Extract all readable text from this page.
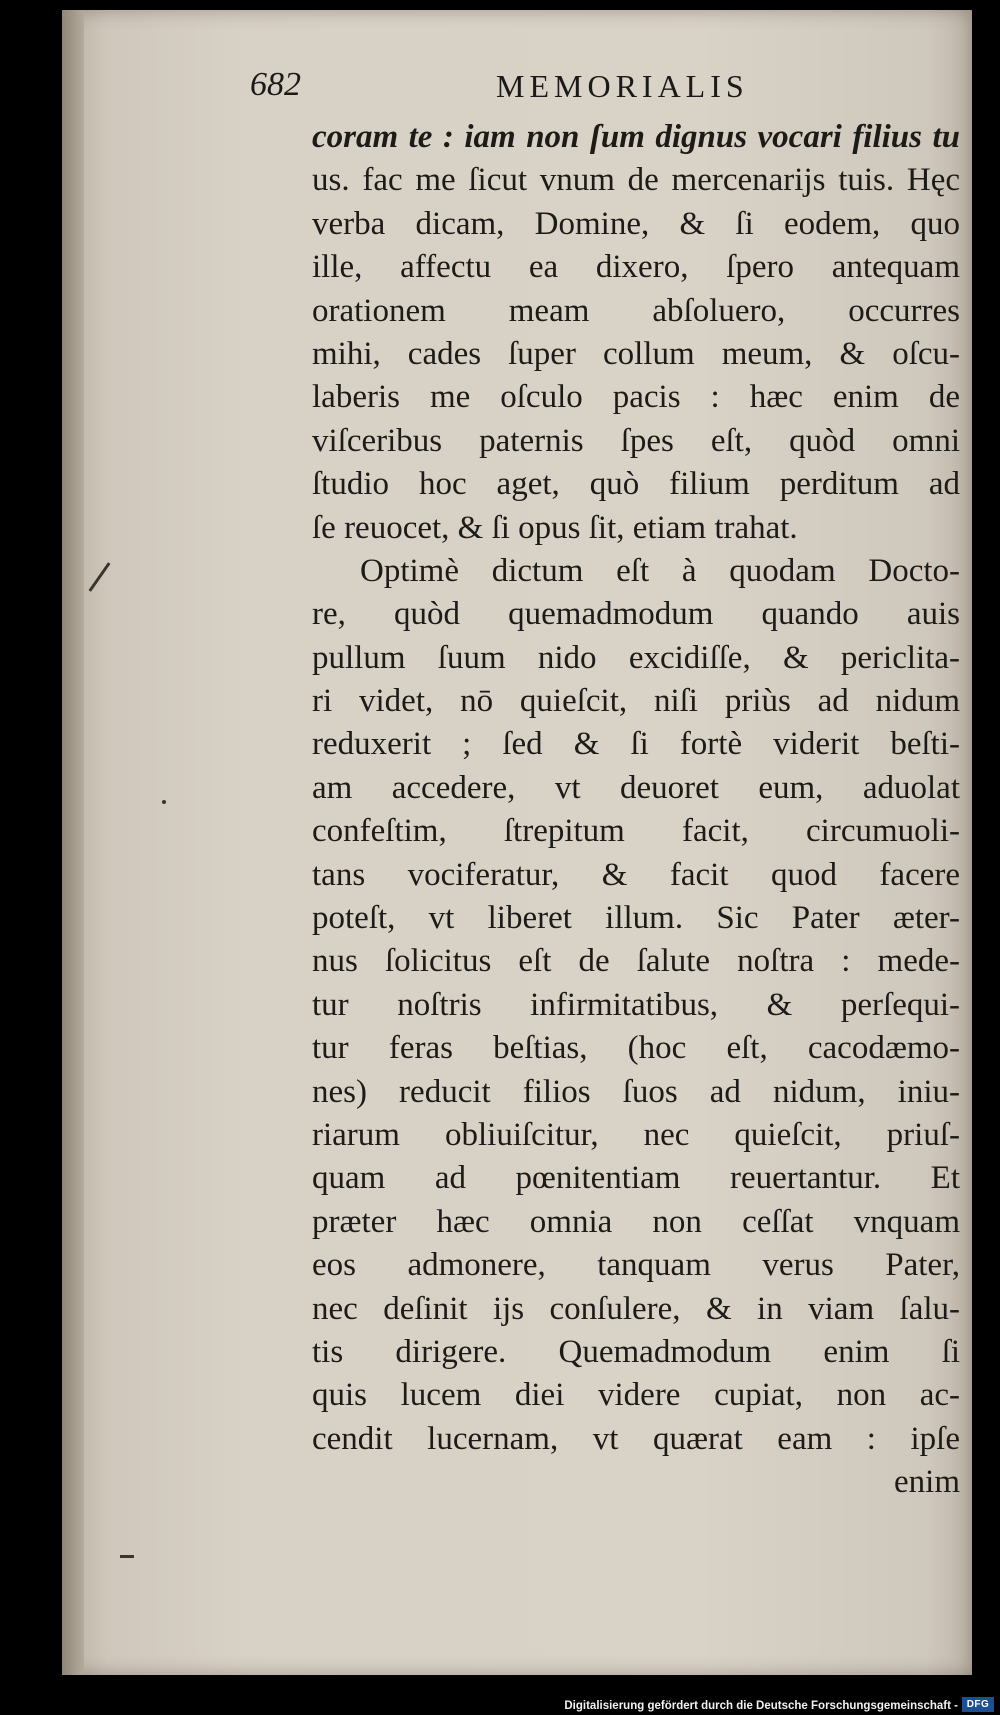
682	MEMORIALIS
coram te : iam non ſum dignus vocari filius tu
us. fac me ſicut vnum de mercenarijs tuis. Hęc
verba dicam, Domine, & ſi eodem, quo
ille, affectu ea dixero, ſpero antequam
orationem meam abſoluero, occurres
mihi, cades ſuper collum meum, & oſcu-
laberis me oſculo pacis : hæc enim de
viſceribus paternis ſpes eſt, quòd omni
ſtudio hoc aget, quò filium perditum ad
ſe reuocet, & ſi opus ſit, etiam trahat.
Optimè dictum eſt à quodam Docto-
re, quòd quemadmodum quando auis
pullum ſuum nido excidiſſe, & periclita-
ri videt, nō quieſcit, niſi priùs ad nidum
reduxerit ; ſed & ſi fortè viderit beſti-
am accedere, vt deuoret eum, aduolat
confeſtim, ſtrepitum facit, circumuoli-
tans vociferatur, & facit quod facere
poteſt, vt liberet illum. Sic Pater æter-
nus ſolicitus eſt de ſalute noſtra : mede-
tur noſtris infirmitatibus, & perſequi-
tur feras beſtias, (hoc eſt, cacodæmo-
nes) reducit filios ſuos ad nidum, iniu-
riarum obliuiſcitur, nec quieſcit, priuſ-
quam ad pœnitentiam reuertantur. Et
præter hæc omnia non ceſſat vnquam
eos admonere, tanquam verus Pater,
nec deſinit ijs conſulere, & in viam ſalu-
tis dirigere. Quemadmodum enim ſi
quis lucem diei videre cupiat, non ac-
cendit lucernam, vt quærat eam : ipſe
enim
Digitalisierung gefördert durch die Deutsche Forschungsgemeinschaft - DFG
